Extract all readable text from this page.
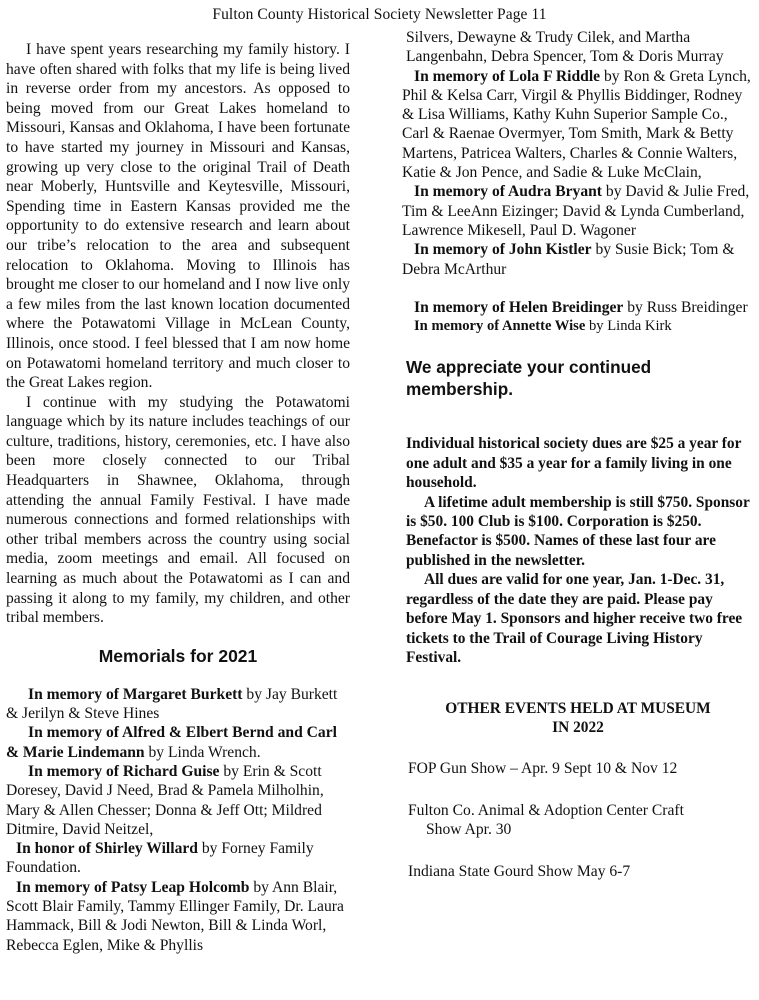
Fulton County Historical Society Newsletter Page 11

I have spent years researching my family history. I have often shared with folks that my life is being lived in reverse order from my ancestors. As opposed to being moved from our Great Lakes homeland to Missouri, Kansas and Oklahoma, I have been fortunate to have started my journey in Missouri and Kansas, growing up very close to the original Trail of Death near Moberly, Huntsville and Keytesville, Missouri, Spending time in Eastern Kansas provided me the opportunity to do extensive research and learn about our tribe’s relocation to the area and subsequent relocation to Oklahoma. Moving to Illinois has brought me closer to our homeland and I now live only a few miles from the last known location documented where the Potawatomi Village in McLean County, Illinois, once stood. I feel blessed that I am now home on Potawatomi homeland territory and much closer to the Great Lakes region.

I continue with my studying the Potawatomi language which by its nature includes teachings of our culture, traditions, history, ceremonies, etc. I have also been more closely connected to our Tribal Headquarters in Shawnee, Oklahoma, through attending the annual Family Festival. I have made numerous connections and formed relationships with other tribal members across the country using social media, zoom meetings and email. All focused on learning as much about the Potawatomi as I can and passing it along to my family, my children, and other tribal members.

Memorials for 2021

In memory of Margaret Burkett by Jay Burkett & Jerilyn & Steve Hines

In memory of Alfred & Elbert Bernd and Carl & Marie Lindemann by Linda Wrench.

In memory of Richard Guise by Erin & Scott Doresey, David J Need, Brad & Pamela Milholhin, Mary & Allen Chesser; Donna & Jeff Ott; Mildred Ditmire, David Neitzel,

In honor of Shirley Willard by Forney Family Foundation.

In memory of Patsy Leap Holcomb by Ann Blair, Scott Blair Family, Tammy Ellinger Family, Dr. Laura Hammack, Bill & Jodi Newton, Bill & Linda Worl, Rebecca Eglen, Mike & Phyllis

Silvers, Dewayne & Trudy Cilek, and Martha Langenbahn, Debra Spencer, Tom & Doris Murray

In memory of Lola F Riddle by Ron & Greta Lynch, Phil & Kelsa Carr, Virgil & Phyllis Biddinger, Rodney & Lisa Williams, Kathy Kuhn Superior Sample Co., Carl & Raenae Overmyer, Tom Smith, Mark & Betty Martens, Patricea Walters, Charles & Connie Walters, Katie & Jon Pence, and Sadie & Luke McClain,

In memory of Audra Bryant by David & Julie Fred, Tim & LeeAnn Eizinger; David & Lynda Cumberland, Lawrence Mikesell, Paul D. Wagoner

In memory of John Kistler by Susie Bick; Tom & Debra McArthur

In memory of Helen Breidinger by Russ Breidinger

In memory of Annette Wise by Linda Kirk

We appreciate your continued membership.

Individual historical society dues are $25 a year for one adult and $35 a year for a family living in one household.

A lifetime adult membership is still $750. Sponsor is $50. 100 Club is $100. Corporation is $250. Benefactor is $500. Names of these last four are published in the newsletter.

All dues are valid for one year, Jan. 1-Dec. 31, regardless of the date they are paid. Please pay before May 1. Sponsors and higher receive two free tickets to the Trail of Courage Living History Festival.

OTHER EVENTS HELD AT MUSEUM
IN 2022

FOP Gun Show – Apr. 9 Sept 10 & Nov 12

Fulton Co. Animal & Adoption Center Craft
Show Apr. 30

Indiana State Gourd Show May 6-7
